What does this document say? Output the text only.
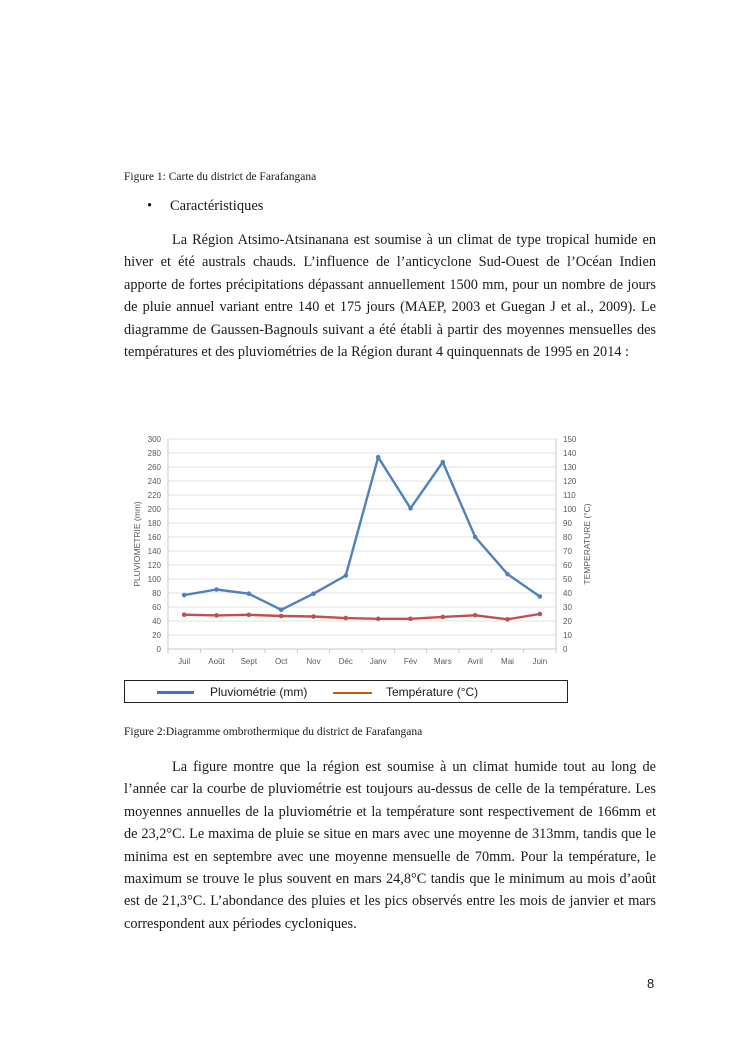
Figure 1: Carte du district de Farafangana
• Caractéristiques

La Région Atsimo-Atsinanana est soumise à un climat de type tropical humide en hiver et été australs chauds. L’influence de l’anticyclone Sud-Ouest de l’Océan Indien apporte de fortes précipitations dépassant annuellement 1500 mm, pour un nombre de jours de pluie annuel variant entre 140 et 175 jours (MAEP, 2003 et Guegan J et al., 2009). Le diagramme de Gaussen-Bagnouls suivant a été établi à partir des moyennes mensuelles des températures et des pluviométries de la Région durant 4 quinquennats de 1995 en 2014 :

0
20
40
60
80
100
120
140
160
180
200
220
240
260
280
300
0
10
20
30
40
50
60
70
80
90
100
110
120
130
140
150
Juil Août Sept Oct Nov Déc Janv Fév Mars Avril Mai Juin
PLUVIOMETRIE (mm)	TEMPERATURE (°C)
Pluviométrie (mm)	Température (°C)
Figure 2:Diagramme ombrothermique du district de Farafangana

La figure montre que la région est soumise à un climat humide tout au long de l’année car la courbe de pluviométrie est toujours au-dessus de celle de la température. Les moyennes annuelles de la pluviométrie et la température sont respectivement de 166mm et de 23,2°C. Le maxima de pluie se situe en mars avec une moyenne de 313mm, tandis que le minima est en septembre avec une moyenne mensuelle de 70mm. Pour la température, le maximum se trouve le plus souvent en mars 24,8°C tandis que le minimum au mois d’août est de 21,3°C. L’abondance des pluies et les pics observés entre les mois de janvier et mars correspondent aux périodes cycloniques.

8
